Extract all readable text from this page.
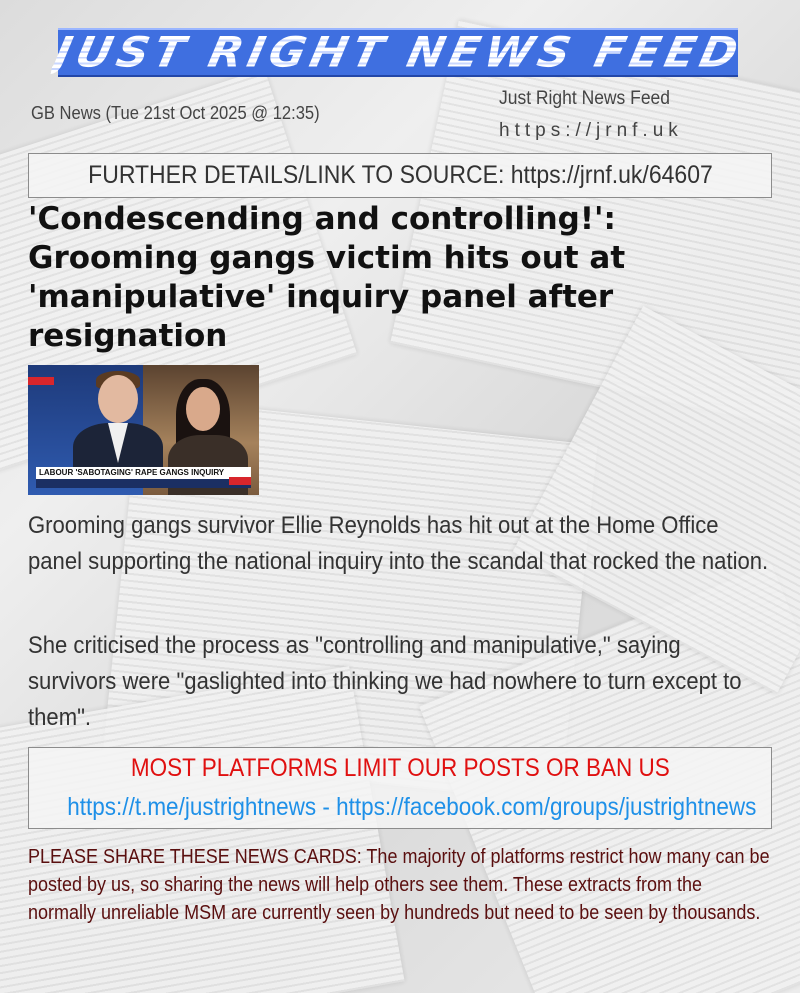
JUST RIGHT NEWS FEED
GB News (Tue 21st Oct 2025 @ 12:35)
Just Right News Feed
https://jrnf.uk
FURTHER DETAILS/LINK TO SOURCE: https://jrnf.uk/64607
'Condescending and controlling!': Grooming gangs victim hits out at 'manipulative' inquiry panel after resignation
LABOUR 'SABOTAGING' RAPE GANGS INQUIRY
Grooming gangs survivor Ellie Reynolds has hit out at the Home Office panel supporting the national inquiry into the scandal that rocked the nation.
She criticised the process as "controlling and manipulative," saying survivors were "gaslighted into thinking we had nowhere to turn except to them".
MOST PLATFORMS LIMIT OUR POSTS OR BAN US
https://t.me/justrightnews - https://facebook.com/groups/justrightnews
PLEASE SHARE THESE NEWS CARDS: The majority of platforms restrict how many can be posted by us, so sharing the news will help others see them. These extracts from the normally unreliable MSM are currently seen by hundreds but need to be seen by thousands.
